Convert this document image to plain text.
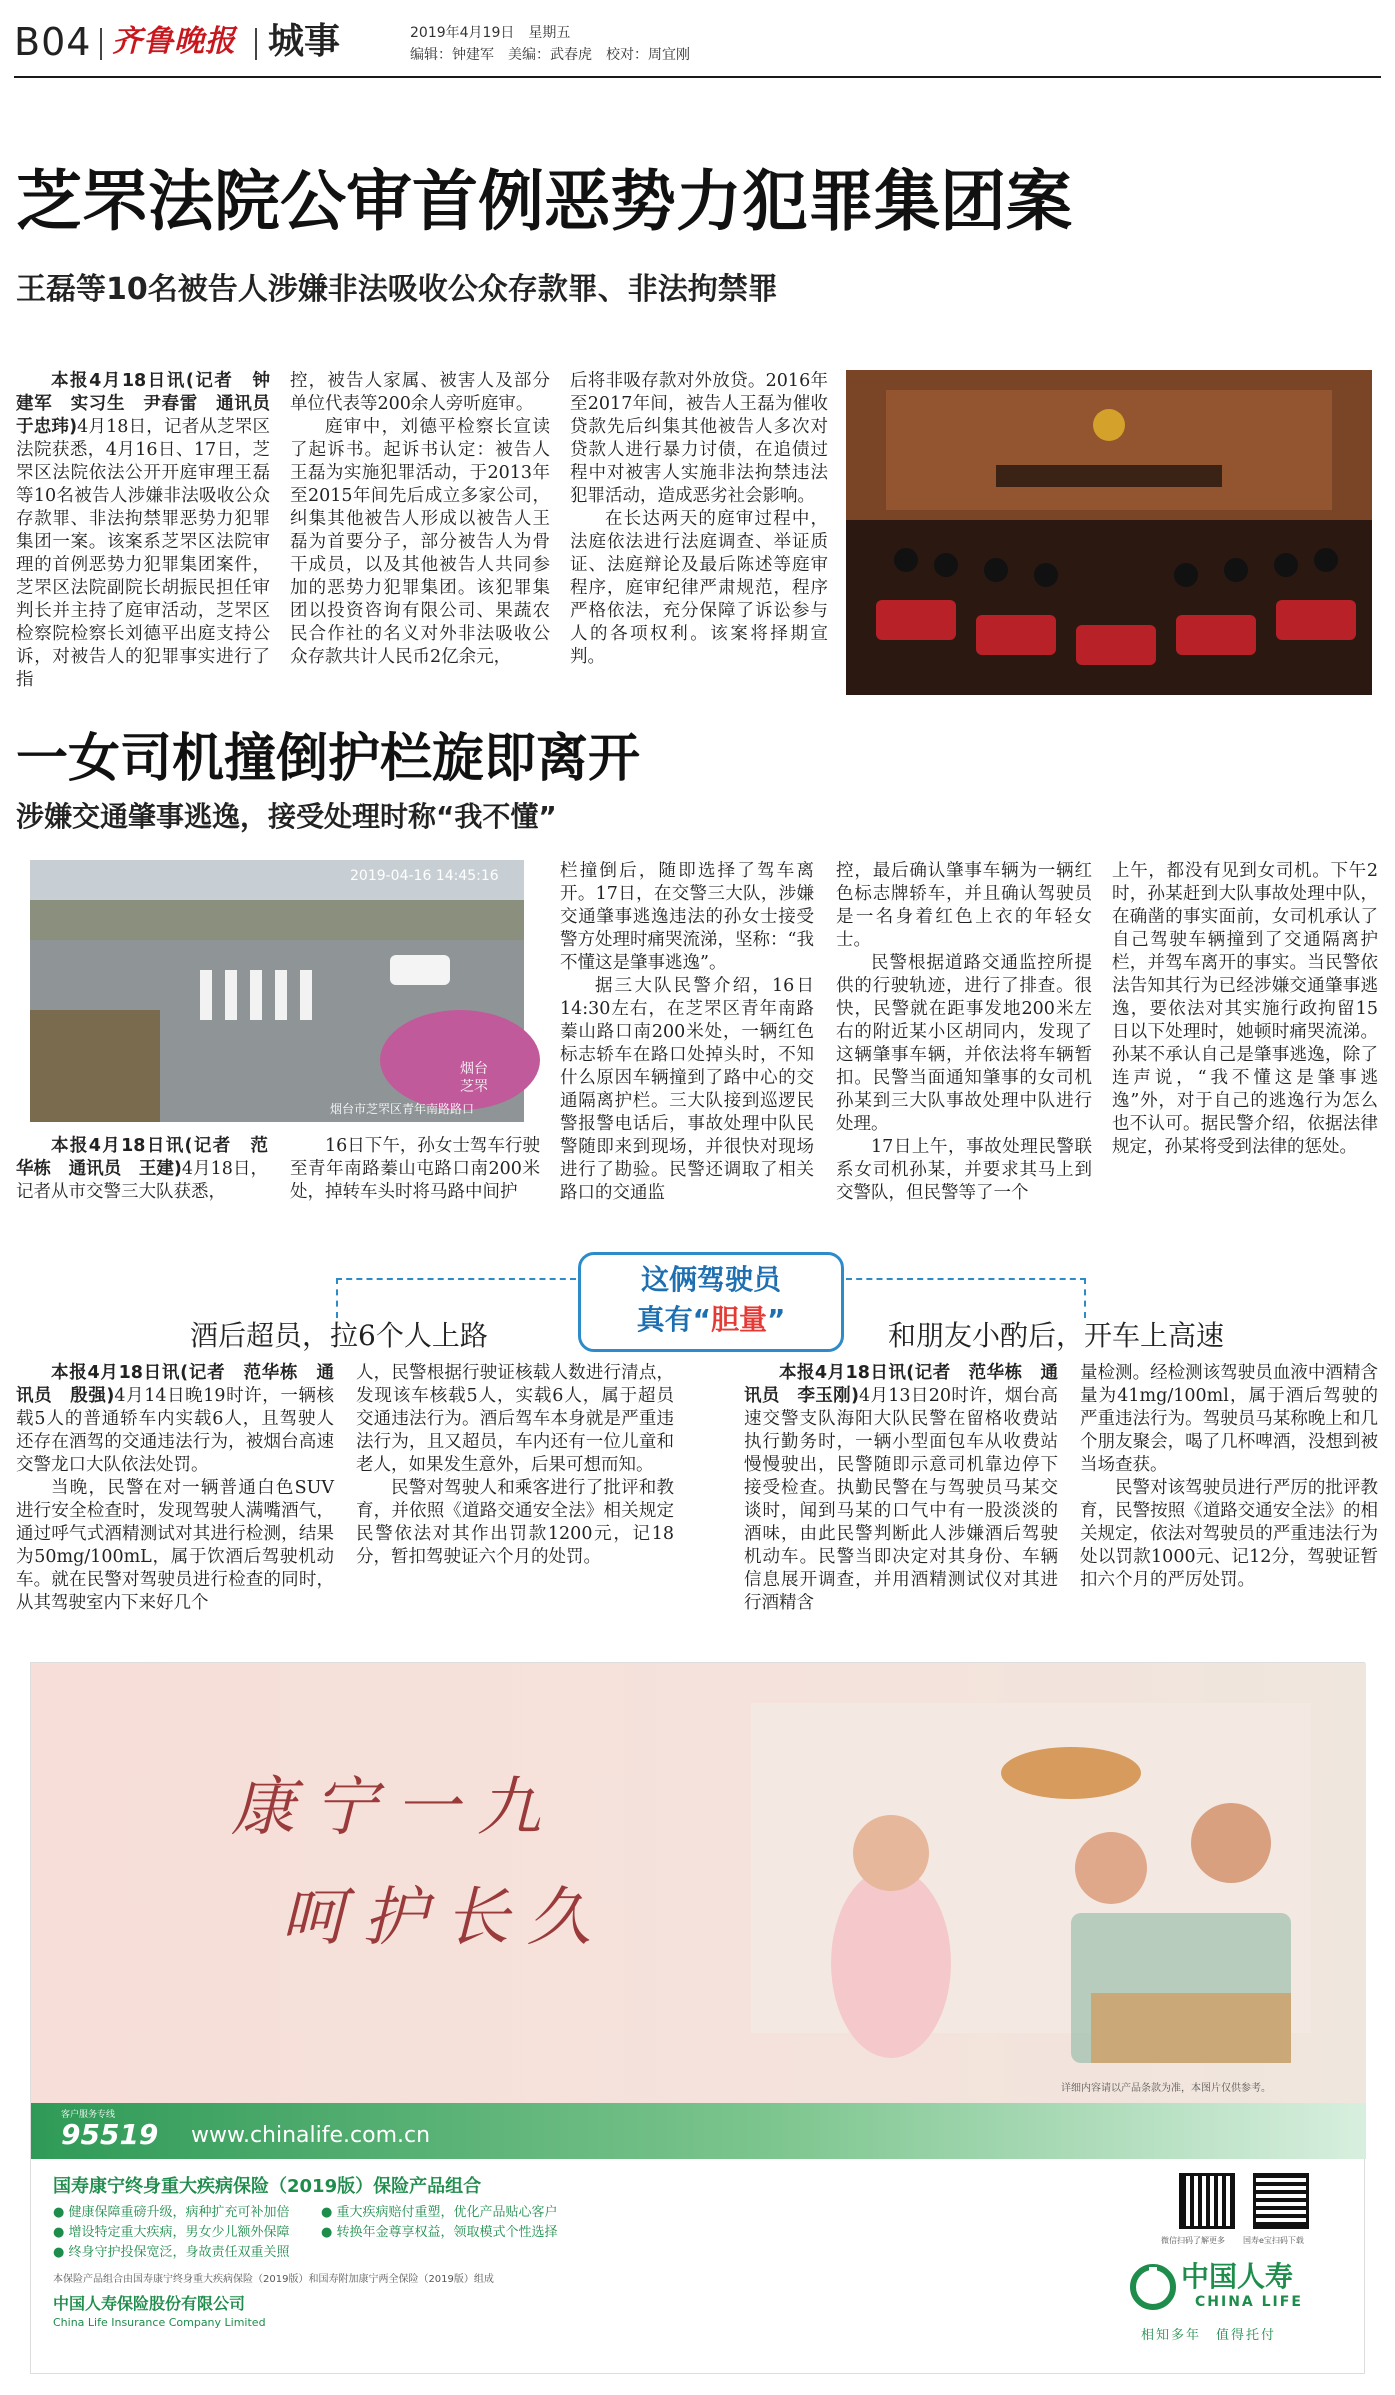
B04 齐鲁晚报 城事	2019年4月19日　星期五
编辑：钟建军　美编：武春虎　校对：周宜刚
芝罘法院公审首例恶势力犯罪集团案
王磊等10名被告人涉嫌非法吸收公众存款罪、非法拘禁罪

本报4月18日讯(记者　钟建军　实习生　尹春雷　通讯员　于忠玮)4月18日，记者从芝罘区法院获悉，4月16日、17日，芝罘区法院依法公开开庭审理王磊等10名被告人涉嫌非法吸收公众存款罪、非法拘禁罪恶势力犯罪集团一案。该案系芝罘区法院审理的首例恶势力犯罪集团案件，芝罘区法院副院长胡振民担任审判长并主持了庭审活动，芝罘区检察院检察长刘德平出庭支持公诉，对被告人的犯罪事实进行了指

控，被告人家属、被害人及部分单位代表等200余人旁听庭审。

庭审中，刘德平检察长宣读了起诉书。起诉书认定：被告人王磊为实施犯罪活动，于2013年至2015年间先后成立多家公司，纠集其他被告人形成以被告人王磊为首要分子，部分被告人为骨干成员，以及其他被告人共同参加的恶势力犯罪集团。该犯罪集团以投资咨询有限公司、果蔬农民合作社的名义对外非法吸收公众存款共计人民币2亿余元，

后将非吸存款对外放贷。2016年至2017年间，被告人王磊为催收贷款先后纠集其他被告人多次对贷款人进行暴力讨债，在追债过程中对被害人实施非法拘禁违法犯罪活动，造成恶劣社会影响。

在长达两天的庭审过程中，法庭依法进行法庭调查、举证质证、法庭辩论及最后陈述等庭审程序，庭审纪律严肃规范，程序严格依法，充分保障了诉讼参与人的各项权利。该案将择期宣判。

一女司机撞倒护栏旋即离开
涉嫌交通肇事逃逸，接受处理时称“我不懂”
2019-04-16 14:45:16
烟台芝罘
烟台市芝罘区青年南路路口

本报4月18日讯(记者　范华栋　通讯员　王建)4月18日，记者从市交警三大队获悉，

16日下午，孙女士驾车行驶至青年南路蓁山屯路口南200米处，掉转车头时将马路中间护

栏撞倒后，随即选择了驾车离开。17日，在交警三大队，涉嫌交通肇事逃逸违法的孙女士接受警方处理时痛哭流涕，坚称：“我不懂这是肇事逃逸”。

据三大队民警介绍，16日14:30左右，在芝罘区青年南路蓁山路口南200米处，一辆红色标志轿车在路口处掉头时，不知什么原因车辆撞到了路中心的交通隔离护栏。三大队接到巡逻民警报警电话后，事故处理中队民警随即来到现场，并很快对现场进行了勘验。民警还调取了相关路口的交通监

控，最后确认肇事车辆为一辆红色标志牌轿车，并且确认驾驶员是一名身着红色上衣的年轻女士。

民警根据道路交通监控所提供的行驶轨迹，进行了排查。很快，民警就在距事发地200米左右的附近某小区胡同内，发现了这辆肇事车辆，并依法将车辆暂扣。民警当面通知肇事的女司机孙某到三大队事故处理中队进行处理。

17日上午，事故处理民警联系女司机孙某，并要求其马上到交警队，但民警等了一个

上午，都没有见到女司机。下午2时，孙某赶到大队事故处理中队，在确凿的事实面前，女司机承认了自己驾驶车辆撞到了交通隔离护栏，并驾车离开的事实。当民警依法告知其行为已经涉嫌交通肇事逃逸，要依法对其实施行政拘留15日以下处理时，她顿时痛哭流涕。孙某不承认自己是肇事逃逸，除了连声说，“我不懂这是肇事逃逸”外，对于自己的逃逸行为怎么也不认可。据民警介绍，依据法律规定，孙某将受到法律的惩处。

这俩驾驶员
真有“胆量”
酒后超员，拉6个人上路	和朋友小酌后，开车上高速

本报4月18日讯(记者　范华栋　通讯员　殷强)4月14日晚19时许，一辆核载5人的普通轿车内实载6人，且驾驶人还存在酒驾的交通违法行为，被烟台高速交警龙口大队依法处罚。

当晚，民警在对一辆普通白色SUV进行安全检查时，发现驾驶人满嘴酒气，通过呼气式酒精测试对其进行检测，结果为50mg/100mL，属于饮酒后驾驶机动车。就在民警对驾驶员进行检查的同时，从其驾驶室内下来好几个

人，民警根据行驶证核载人数进行清点，发现该车核载5人，实载6人，属于超员交通违法行为。酒后驾车本身就是严重违法行为，且又超员，车内还有一位儿童和老人，如果发生意外，后果可想而知。

民警对驾驶人和乘客进行了批评和教育，并依照《道路交通安全法》相关规定民警依法对其作出罚款1200元，记18分，暂扣驾驶证六个月的处罚。

本报4月18日讯(记者　范华栋　通讯员　李玉刚)4月13日20时许，烟台高速交警支队海阳大队民警在留格收费站执行勤务时，一辆小型面包车从收费站慢慢驶出，民警随即示意司机靠边停下接受检查。执勤民警在与驾驶员马某交谈时，闻到马某的口气中有一股淡淡的酒味，由此民警判断此人涉嫌酒后驾驶机动车。民警当即决定对其身份、车辆信息展开调查，并用酒精测试仪对其进行酒精含

量检测。经检测该驾驶员血液中酒精含量为41mg/100ml，属于酒后驾驶的严重违法行为。驾驶员马某称晚上和几个朋友聚会，喝了几杯啤酒，没想到被当场查获。

民警对该驾驶员进行严厉的批评教育，民警按照《道路交通安全法》的相关规定，依法对驾驶员的严重违法行为处以罚款1000元、记12分，驾驶证暂扣六个月的严厉处罚。

康宁一九
呵护长久
详细内容请以产品条款为准，本图片仅供参考。
客户服务专线
95519 www.chinalife.com.cn
国寿康宁终身重大疾病保险（2019版）保险产品组合
● 健康保障重磅升级，病种扩充可补加倍
● 增设特定重大疾病，男女少儿额外保障
● 终身守护投保宽泛，身故责任双重关照
● 重大疾病赔付重塑，优化产品贴心客户
● 转换年金尊享权益，领取模式个性选择
本保险产品组合由国寿康宁终身重大疾病保险（2019版）和国寿附加康宁两全保险（2019版）组成
中国人寿保险股份有限公司
China Life Insurance Company Limited
微信扫码了解更多 国寿e宝扫码下载
中国人寿
CHINA LIFE
相知多年　值得托付
